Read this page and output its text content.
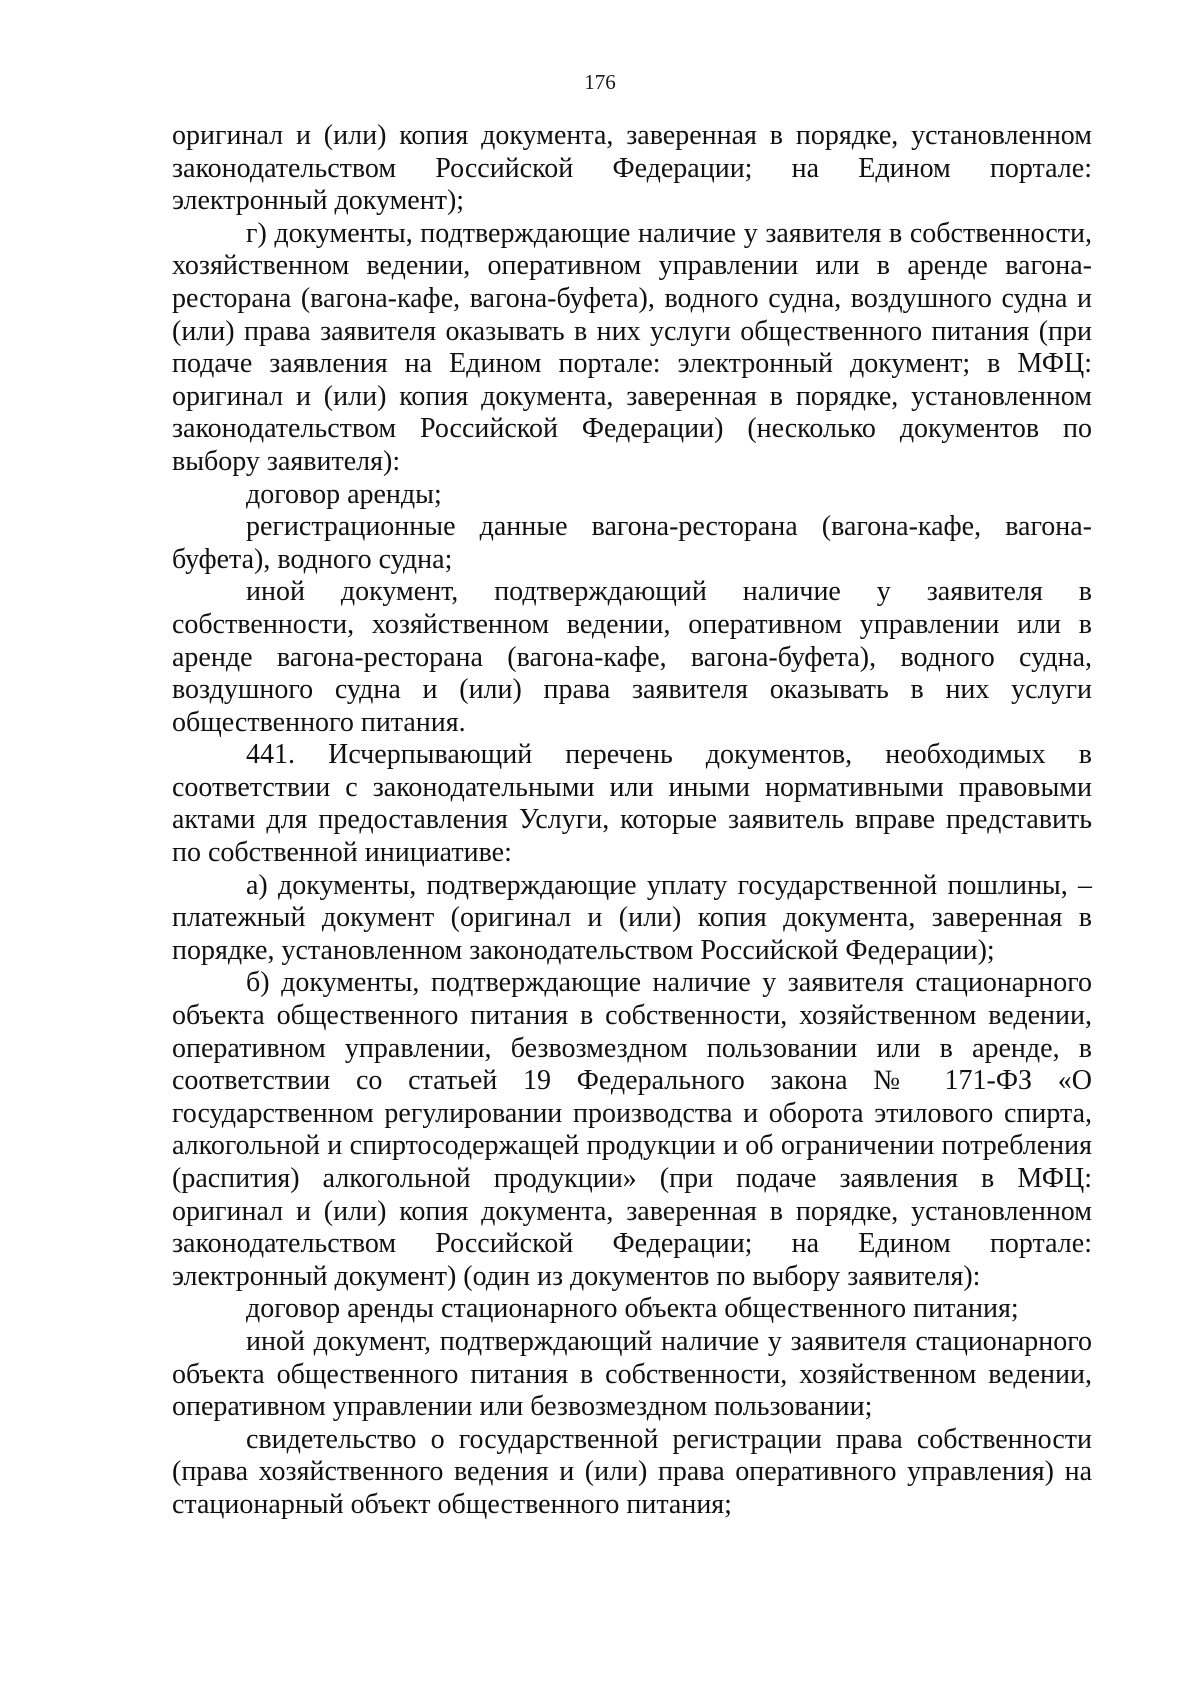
176

оригинал и (или) копия документа, заверенная в порядке, установленном законодательством Российской Федерации; на Едином портале: электронный документ);

г) документы, подтверждающие наличие у заявителя в собственности, хозяйственном ведении, оперативном управлении или в аренде вагона-ресторана (вагона-кафе, вагона-буфета), водного судна, воздушного судна и (или) права заявителя оказывать в них услуги общественного питания (при подаче заявления на Едином портале: электронный документ; в МФЦ: оригинал и (или) копия документа, заверенная в порядке, установленном законодательством Российской Федерации) (несколько документов по выбору заявителя):

договор аренды;

регистрационные данные вагона-ресторана (вагона-кафе, вагона-буфета), водного судна;

иной документ, подтверждающий наличие у заявителя в собственности, хозяйственном ведении, оперативном управлении или в аренде вагона-ресторана (вагона-кафе, вагона-буфета), водного судна, воздушного судна и (или) права заявителя оказывать в них услуги общественного питания.

441. Исчерпывающий перечень документов, необходимых в соответствии с законодательными или иными нормативными правовыми актами для предоставления Услуги, которые заявитель вправе представить по собственной инициативе:

а) документы, подтверждающие уплату государственной пошлины, – платежный документ (оригинал и (или) копия документа, заверенная в порядке, установленном законодательством Российской Федерации);

б) документы, подтверждающие наличие у заявителя стационарного объекта общественного питания в собственности, хозяйственном ведении, оперативном управлении, безвозмездном пользовании или в аренде, в соответствии со статьей 19 Федерального закона № 171-ФЗ «О государственном регулировании производства и оборота этилового спирта, алкогольной и спиртосодержащей продукции и об ограничении потребления (распития) алкогольной продукции» (при подаче заявления в МФЦ: оригинал и (или) копия документа, заверенная в порядке, установленном законодательством Российской Федерации; на Едином портале: электронный документ) (один из документов по выбору заявителя):

договор аренды стационарного объекта общественного питания;

иной документ, подтверждающий наличие у заявителя стационарного объекта общественного питания в собственности, хозяйственном ведении, оперативном управлении или безвозмездном пользовании;

свидетельство о государственной регистрации права собственности (права хозяйственного ведения и (или) права оперативного управления) на стационарный объект общественного питания;
